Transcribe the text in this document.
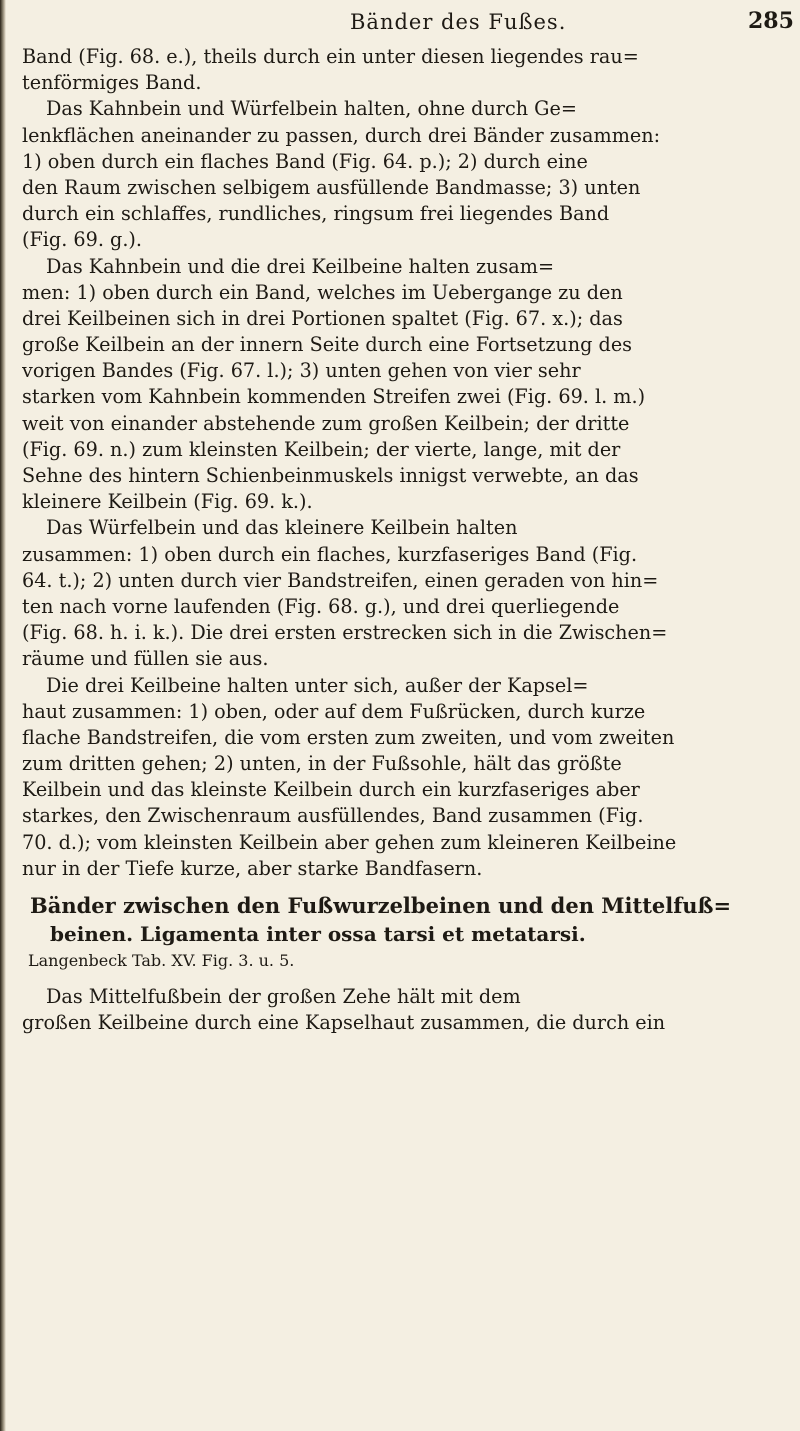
Bänder des Fußes.	285
Band (Fig. 68. e.), theils durch ein unter diesen liegendes rau=
tenförmiges Band.
Das Kahnbein und Würfelbein halten, ohne durch Ge=
lenkflächen aneinander zu passen, durch drei Bänder zusammen:
1) oben durch ein flaches Band (Fig. 64. p.); 2) durch eine
den Raum zwischen selbigem ausfüllende Bandmasse; 3) unten
durch ein schlaffes, rundliches, ringsum frei liegendes Band
(Fig. 69. g.).
Das Kahnbein und die drei Keilbeine halten zusam=
men: 1) oben durch ein Band, welches im Uebergange zu den
drei Keilbeinen sich in drei Portionen spaltet (Fig. 67. x.); das
große Keilbein an der innern Seite durch eine Fortsetzung des
vorigen Bandes (Fig. 67. l.); 3) unten gehen von vier sehr
starken vom Kahnbein kommenden Streifen zwei (Fig. 69. l. m.)
weit von einander abstehende zum großen Keilbein; der dritte
(Fig. 69. n.) zum kleinsten Keilbein; der vierte, lange, mit der
Sehne des hintern Schienbeinmuskels innigst verwebte, an das
kleinere Keilbein (Fig. 69. k.).
Das Würfelbein und das kleinere Keilbein halten
zusammen: 1) oben durch ein flaches, kurzfaseriges Band (Fig.
64. t.); 2) unten durch vier Bandstreifen, einen geraden von hin=
ten nach vorne laufenden (Fig. 68. g.), und drei querliegende
(Fig. 68. h. i. k.). Die drei ersten erstrecken sich in die Zwischen=
räume und füllen sie aus.
Die drei Keilbeine halten unter sich, außer der Kapsel=
haut zusammen: 1) oben, oder auf dem Fußrücken, durch kurze
flache Bandstreifen, die vom ersten zum zweiten, und vom zweiten
zum dritten gehen; 2) unten, in der Fußsohle, hält das größte
Keilbein und das kleinste Keilbein durch ein kurzfaseriges aber
starkes, den Zwischenraum ausfüllendes, Band zusammen (Fig.
70. d.); vom kleinsten Keilbein aber gehen zum kleineren Keilbeine
nur in der Tiefe kurze, aber starke Bandfasern.
Bänder zwischen den Fußwurzelbeinen und den Mittelfuß=
beinen. Ligamenta inter ossa tarsi et metatarsi.
Langenbeck Tab. XV. Fig. 3. u. 5.
Das Mittelfußbein der großen Zehe hält mit dem
großen Keilbeine durch eine Kapselhaut zusammen, die durch ein
